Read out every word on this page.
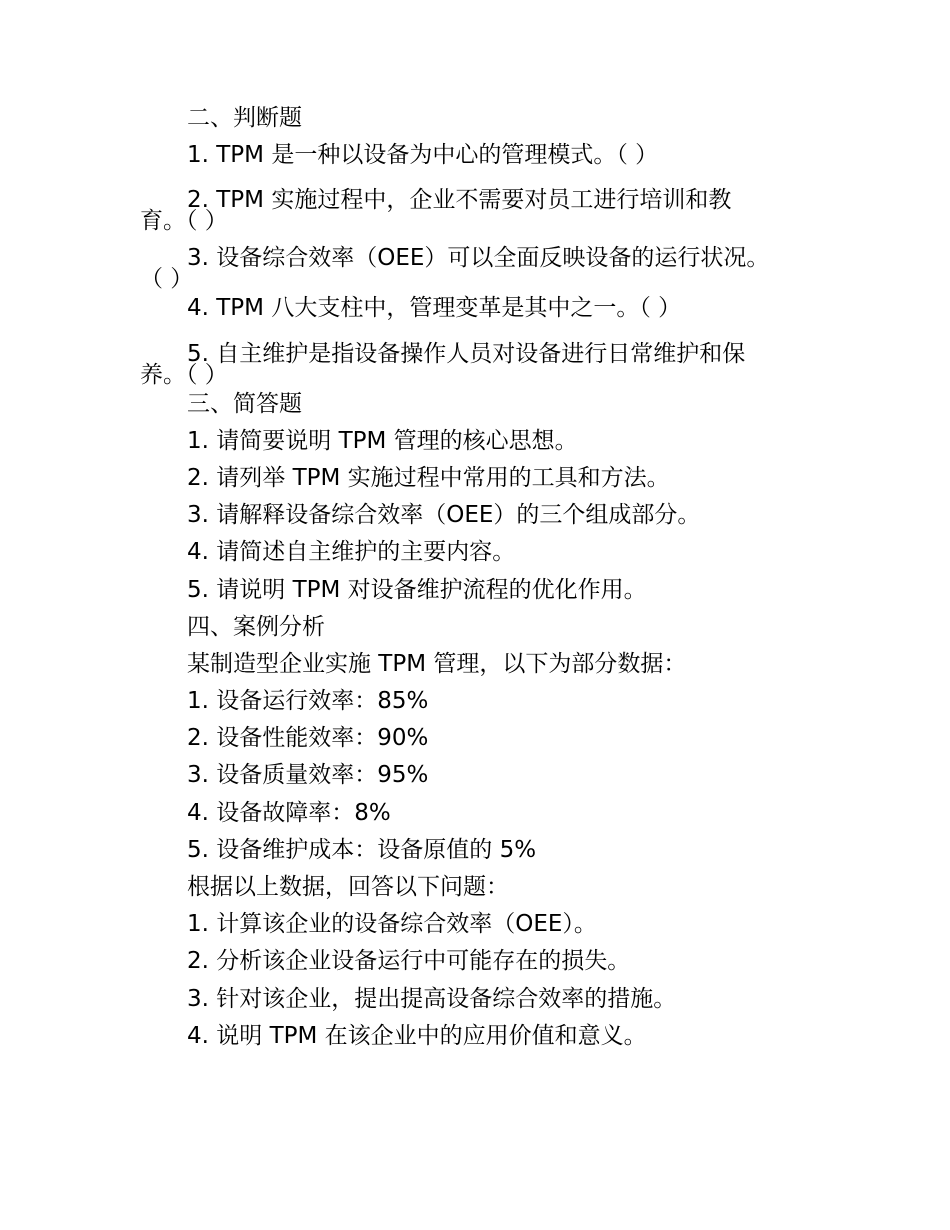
二、判断题
1. TPM 是一种以设备为中心的管理模式。（ ）
2. TPM 实施过程中，企业不需要对员工进行培训和教
育。（ ）
3. 设备综合效率（OEE）可以全面反映设备的运行状况。
（ ）
4. TPM 八大支柱中，管理变革是其中之一。（ ）
5. 自主维护是指设备操作人员对设备进行日常维护和保
养。（ ）
三、简答题
1. 请简要说明 TPM 管理的核心思想。
2. 请列举 TPM 实施过程中常用的工具和方法。
3. 请解释设备综合效率（OEE）的三个组成部分。
4. 请简述自主维护的主要内容。
5. 请说明 TPM 对设备维护流程的优化作用。
四、案例分析
某制造型企业实施 TPM 管理，以下为部分数据：
1. 设备运行效率：85%
2. 设备性能效率：90%
3. 设备质量效率：95%
4. 设备故障率：8%
5. 设备维护成本：设备原值的 5%
根据以上数据，回答以下问题：
1. 计算该企业的设备综合效率（OEE）。
2. 分析该企业设备运行中可能存在的损失。
3. 针对该企业，提出提高设备综合效率的措施。
4. 说明 TPM 在该企业中的应用价值和意义。
